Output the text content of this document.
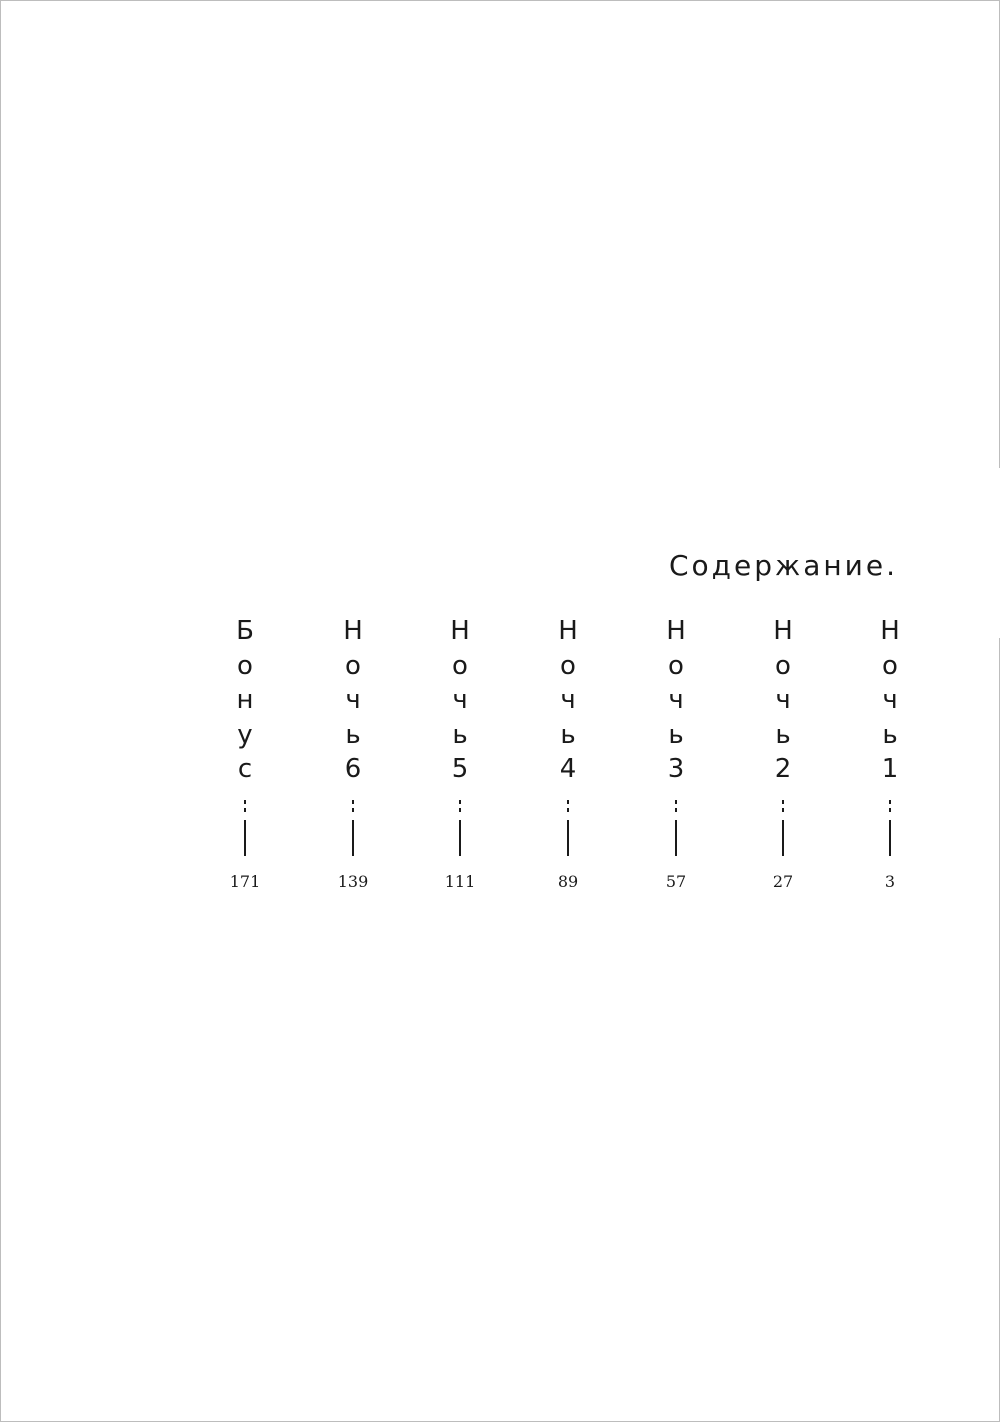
Содержание.
Б
о
н
у
с
171
Н
о
ч
ь
6
139
Н
о
ч
ь
5
111
Н
о
ч
ь
4
89
Н
о
ч
ь
3
57
Н
о
ч
ь
2
27
Н
о
ч
ь
1
3
